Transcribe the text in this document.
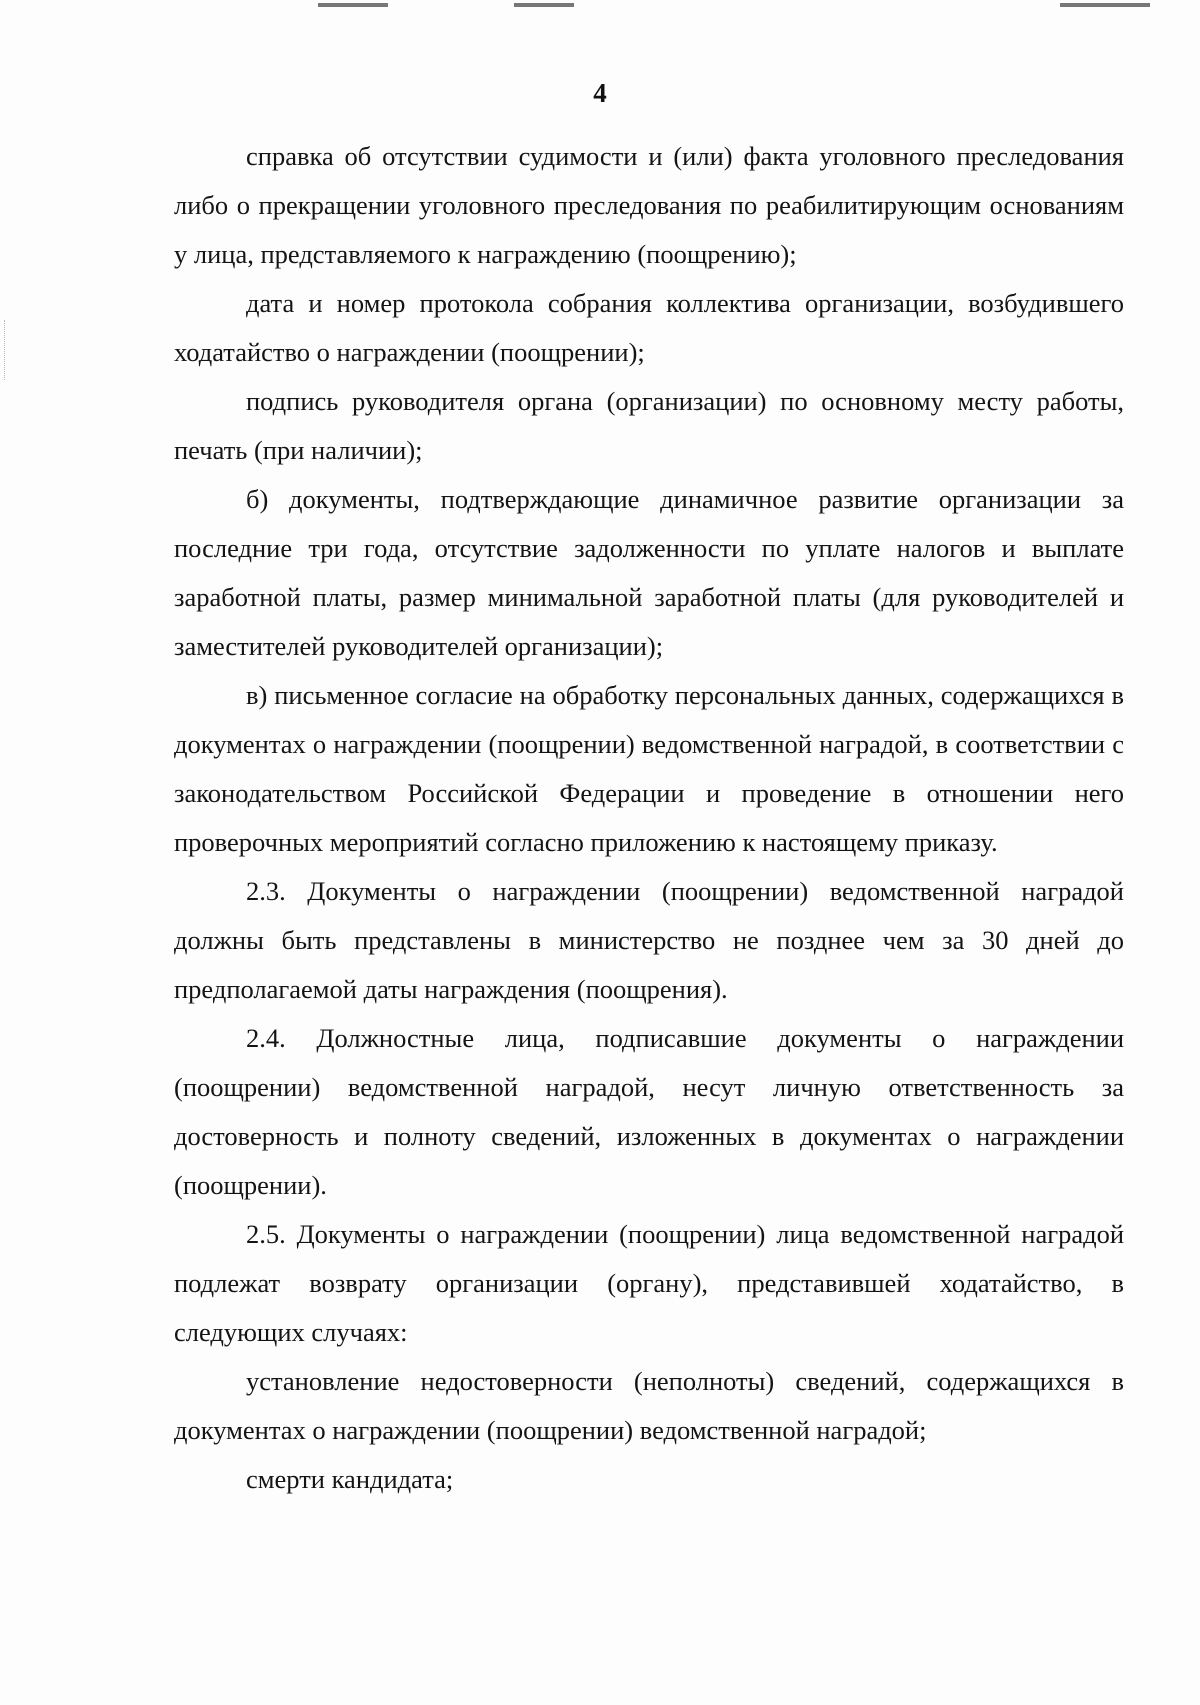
4

справка об отсутствии судимости и (или) факта уголовного преследования либо о прекращении уголовного преследования по реабилитирующим основаниям у лица, представляемого к награждению (поощрению);

дата и номер протокола собрания коллектива организации, возбудившего ходатайство о награждении (поощрении);

подпись руководителя органа (организации) по основному месту работы, печать (при наличии);

б) документы, подтверждающие динамичное развитие организации за последние три года, отсутствие задолженности по уплате налогов и выплате заработной платы, размер минимальной заработной платы (для руководителей и заместителей руководителей организации);

в) письменное согласие на обработку персональных данных, содержащихся в документах о награждении (поощрении) ведомственной наградой, в соответствии с законодательством Российской Федерации и проведение в отношении него проверочных мероприятий согласно приложению к настоящему приказу.

2.3. Документы о награждении (поощрении) ведомственной наградой должны быть представлены в министерство не позднее чем за 30 дней до предполагаемой даты награждения (поощрения).

2.4. Должностные лица, подписавшие документы о награждении (поощрении) ведомственной наградой, несут личную ответственность за достоверность и полноту сведений, изложенных в документах о награждении (поощрении).

2.5. Документы о награждении (поощрении) лица ведомственной наградой подлежат возврату организации (органу), представившей ходатайство, в следующих случаях:

установление недостоверности (неполноты) сведений, содержащихся в документах о награждении (поощрении) ведомственной наградой;

смерти кандидата;
